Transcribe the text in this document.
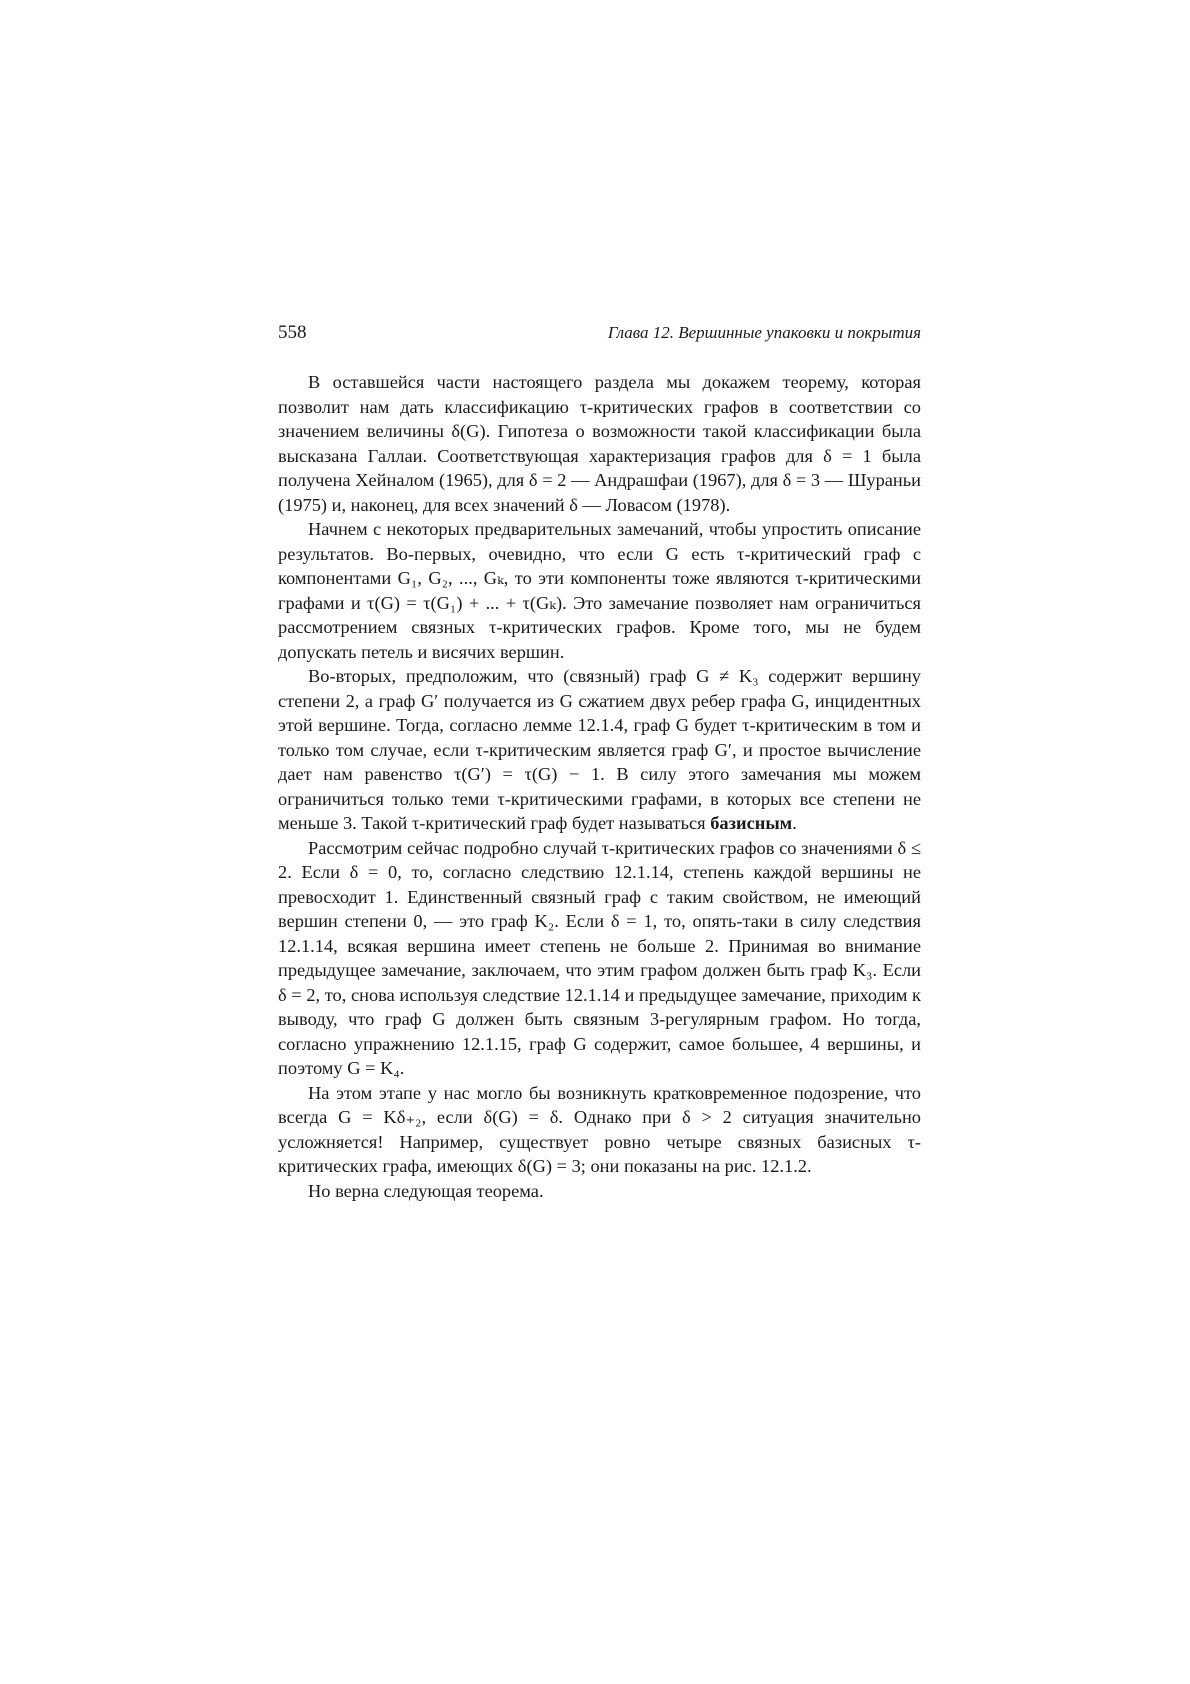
558	Глава 12. Вершинные упаковки и покрытия

В оставшейся части настоящего раздела мы докажем теорему, которая позволит нам дать классификацию τ-критических графов в соответствии со значением величины δ(G). Гипотеза о возможности такой классификации была высказана Галлаи. Соответствующая характеризация графов для δ = 1 была получена Хейналом (1965), для δ = 2 — Андрашфаи (1967), для δ = 3 — Шураньи (1975) и, наконец, для всех значений δ — Ловасом (1978).

Начнем с некоторых предварительных замечаний, чтобы упростить описание результатов. Во-первых, очевидно, что если G есть τ-критический граф с компонентами G₁, G₂, ..., Gₖ, то эти компоненты тоже являются τ-критическими графами и τ(G) = τ(G₁) + ... + τ(Gₖ). Это замечание позволяет нам ограничиться рассмотрением связных τ-критических графов. Кроме того, мы не будем допускать петель и висячих вершин.

Во-вторых, предположим, что (связный) граф G ≠ K₃ содержит вершину степени 2, а граф G′ получается из G сжатием двух ребер графа G, инцидентных этой вершине. Тогда, согласно лемме 12.1.4, граф G будет τ-критическим в том и только том случае, если τ-критическим является граф G′, и простое вычисление дает нам равенство τ(G′) = τ(G) − 1. В силу этого замечания мы можем ограничиться только теми τ-критическими графами, в которых все степени не меньше 3. Такой τ-критический граф будет называться базисным.

Рассмотрим сейчас подробно случай τ-критических графов со значениями δ ≤ 2. Если δ = 0, то, согласно следствию 12.1.14, степень каждой вершины не превосходит 1. Единственный связный граф с таким свойством, не имеющий вершин степени 0, — это граф K₂. Если δ = 1, то, опять-таки в силу следствия 12.1.14, всякая вершина имеет степень не больше 2. Принимая во внимание предыдущее замечание, заключаем, что этим графом должен быть граф K₃. Если δ = 2, то, снова используя следствие 12.1.14 и предыдущее замечание, приходим к выводу, что граф G должен быть связным 3-регулярным графом. Но тогда, согласно упражнению 12.1.15, граф G содержит, самое большее, 4 вершины, и поэтому G = K₄.

На этом этапе у нас могло бы возникнуть кратковременное подозрение, что всегда G = Kδ₊₂, если δ(G) = δ. Однако при δ > 2 ситуация значительно усложняется! Например, существует ровно четыре связных базисных τ-критических графа, имеющих δ(G) = 3; они показаны на рис. 12.1.2.

Но верна следующая теорема.
